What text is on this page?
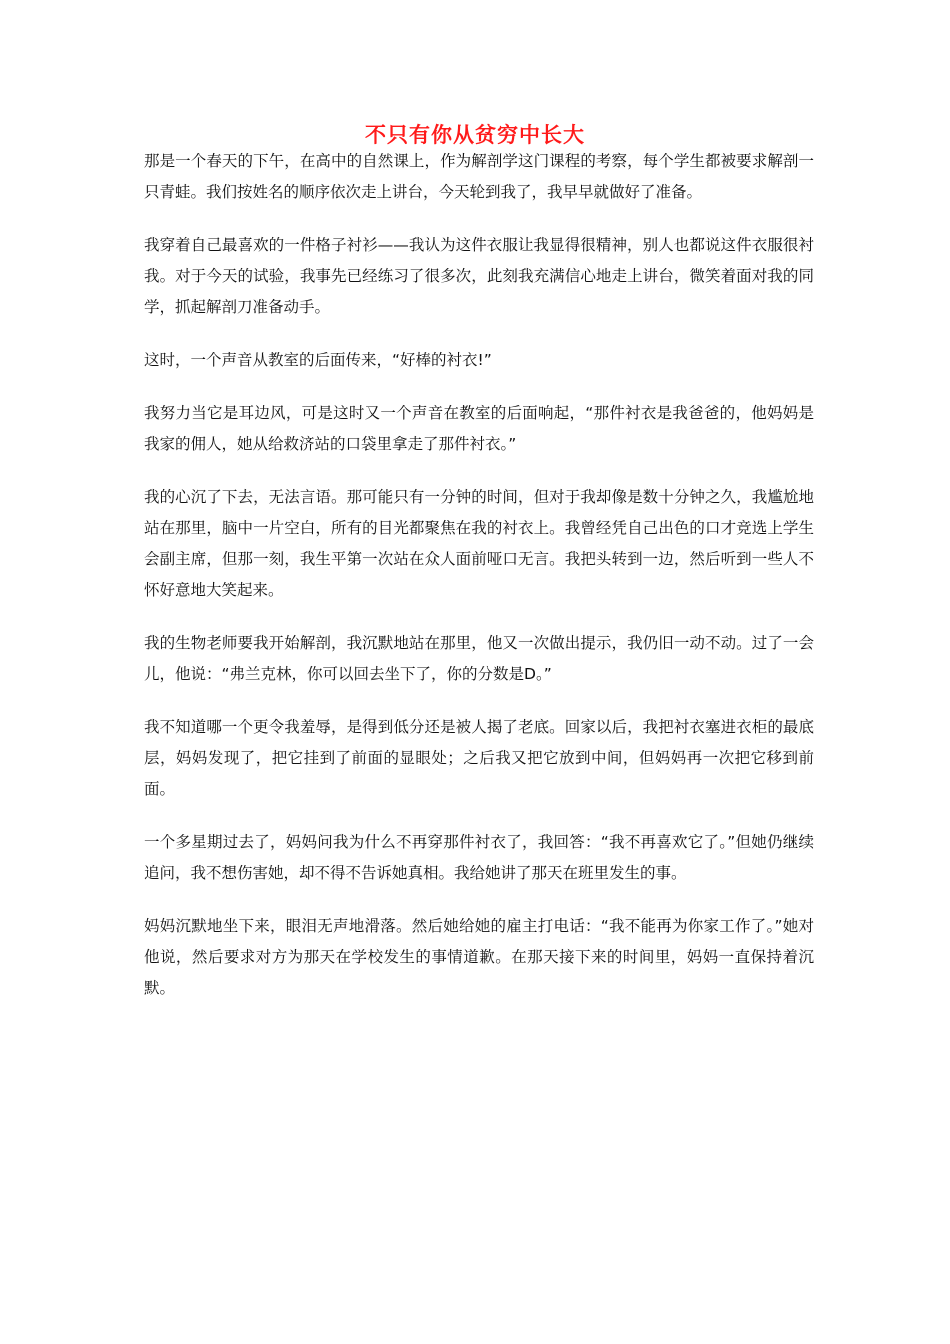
不只有你从贫穷中长大

那是一个春天的下午，在高中的自然课上，作为解剖学这门课程的考察，每个学生都被要求解剖一只青蛙。我们按姓名的顺序依次走上讲台，今天轮到我了，我早早就做好了准备。

我穿着自己最喜欢的一件格子衬衫——我认为这件衣服让我显得很精神，别人也都说这件衣服很衬我。对于今天的试验，我事先已经练习了很多次，此刻我充满信心地走上讲台，微笑着面对我的同学，抓起解剖刀准备动手。

这时，一个声音从教室的后面传来，“好棒的衬衣!”

我努力当它是耳边风，可是这时又一个声音在教室的后面响起，“那件衬衣是我爸爸的，他妈妈是我家的佣人，她从给救济站的口袋里拿走了那件衬衣。”

我的心沉了下去，无法言语。那可能只有一分钟的时间，但对于我却像是数十分钟之久，我尴尬地站在那里，脑中一片空白，所有的目光都聚焦在我的衬衣上。我曾经凭自己出色的口才竞选上学生会副主席，但那一刻，我生平第一次站在众人面前哑口无言。我把头转到一边，然后听到一些人不怀好意地大笑起来。

我的生物老师要我开始解剖，我沉默地站在那里，他又一次做出提示，我仍旧一动不动。过了一会儿，他说：“弗兰克林，你可以回去坐下了，你的分数是D。”

我不知道哪一个更令我羞辱，是得到低分还是被人揭了老底。回家以后，我把衬衣塞进衣柜的最底层，妈妈发现了，把它挂到了前面的显眼处；之后我又把它放到中间，但妈妈再一次把它移到前面。

一个多星期过去了，妈妈问我为什么不再穿那件衬衣了，我回答：“我不再喜欢它了。”但她仍继续追问，我不想伤害她，却不得不告诉她真相。我给她讲了那天在班里发生的事。

妈妈沉默地坐下来，眼泪无声地滑落。然后她给她的雇主打电话：“我不能再为你家工作了。”她对他说，然后要求对方为那天在学校发生的事情道歉。在那天接下来的时间里，妈妈一直保持着沉默。
